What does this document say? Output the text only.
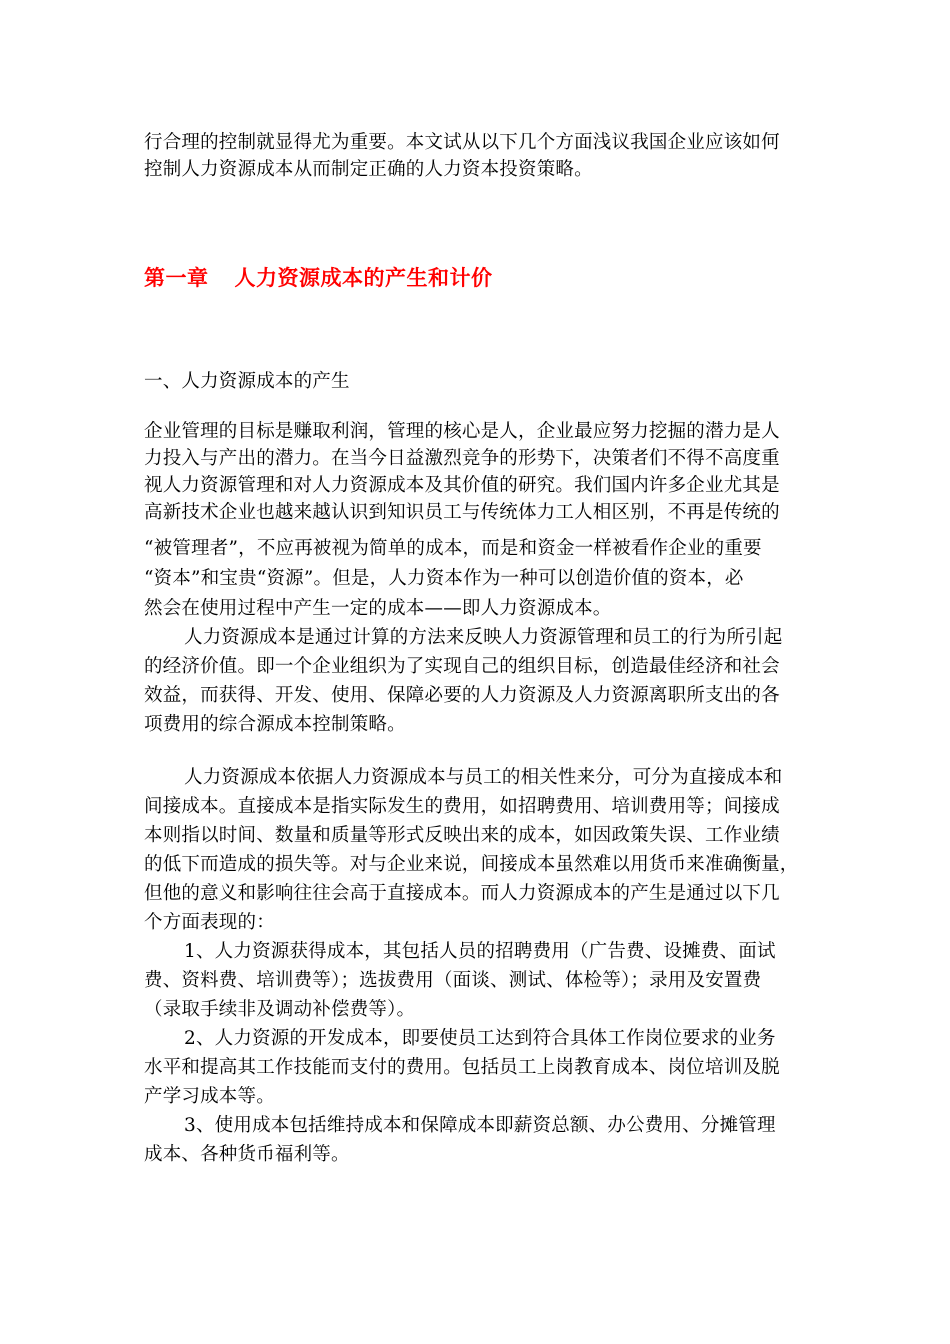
行合理的控制就显得尤为重要。本文试从以下几个方面浅议我国企业应该如何
控制人力资源成本从而制定正确的人力资本投资策略。
第一章 人力资源成本的产生和计价
一、人力资源成本的产生
企业管理的目标是赚取利润，管理的核心是人，企业最应努力挖掘的潜力是人
力投入与产出的潜力。在当今日益激烈竞争的形势下，决策者们不得不高度重
视人力资源管理和对人力资源成本及其价值的研究。我们国内许多企业尤其是
高新技术企业也越来越认识到知识员工与传统体力工人相区别，不再是传统的
“被管理者”，不应再被视为简单的成本，而是和资金一样被看作企业的重要
“资本”和宝贵“资源”。但是，人力资本作为一种可以创造价值的资本，必
然会在使用过程中产生一定的成本——即人力资源成本。
人力资源成本是通过计算的方法来反映人力资源管理和员工的行为所引起
的经济价值。即一个企业组织为了实现自己的组织目标，创造最佳经济和社会
效益，而获得、开发、使用、保障必要的人力资源及人力资源离职所支出的各
项费用的综合源成本控制策略。
人力资源成本依据人力资源成本与员工的相关性来分，可分为直接成本和
间接成本。直接成本是指实际发生的费用，如招聘费用、培训费用等；间接成
本则指以时间、数量和质量等形式反映出来的成本，如因政策失误、工作业绩
的低下而造成的损失等。对与企业来说，间接成本虽然难以用货币来准确衡量，
但他的意义和影响往往会高于直接成本。而人力资源成本的产生是通过以下几
个方面表现的：
1、人力资源获得成本，其包括人员的招聘费用（广告费、设摊费、面试
费、资料费、培训费等）；选拔费用（面谈、测试、体检等）；录用及安置费
（录取手续非及调动补偿费等）。
2、人力资源的开发成本，即要使员工达到符合具体工作岗位要求的业务
水平和提高其工作技能而支付的费用。包括员工上岗教育成本、岗位培训及脱
产学习成本等。
3、使用成本包括维持成本和保障成本即薪资总额、办公费用、分摊管理
成本、各种货币福利等。
